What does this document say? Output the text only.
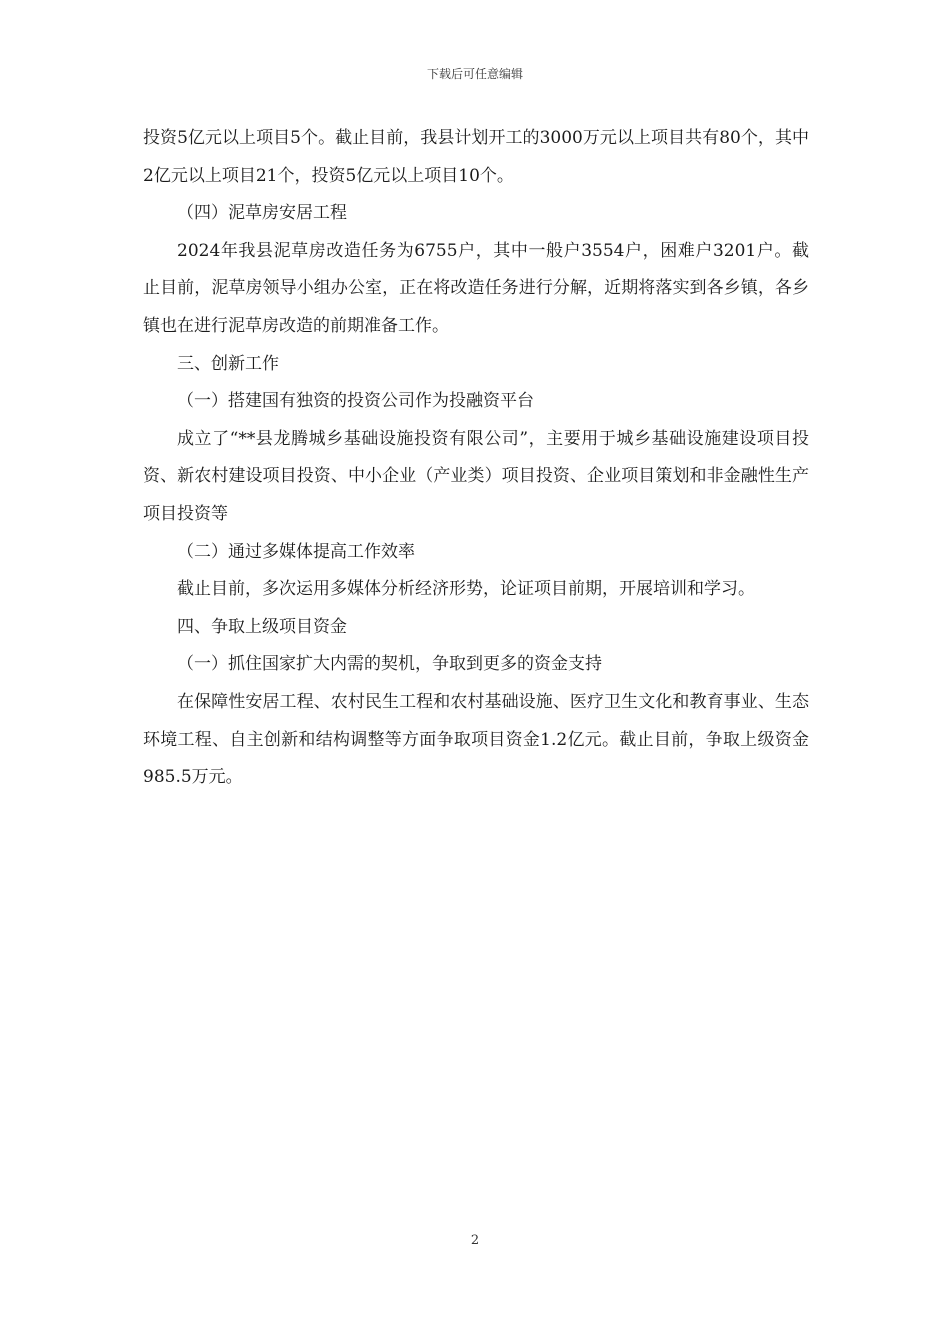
下载后可任意编辑

投资5亿元以上项目5个。截止目前，我县计划开工的3000万元以上项目共有80个，其中2亿元以上项目21个，投资5亿元以上项目10个。

（四）泥草房安居工程

2024年我县泥草房改造任务为6755户，其中一般户3554户，困难户3201户。截止目前，泥草房领导小组办公室，正在将改造任务进行分解，近期将落实到各乡镇，各乡镇也在进行泥草房改造的前期准备工作。

三、创新工作

（一）搭建国有独资的投资公司作为投融资平台

成立了“**县龙腾城乡基础设施投资有限公司”，主要用于城乡基础设施建设项目投资、新农村建设项目投资、中小企业（产业类）项目投资、企业项目策划和非金融性生产项目投资等

（二）通过多媒体提高工作效率

截止目前，多次运用多媒体分析经济形势，论证项目前期，开展培训和学习。

四、争取上级项目资金

（一）抓住国家扩大内需的契机，争取到更多的资金支持

在保障性安居工程、农村民生工程和农村基础设施、医疗卫生文化和教育事业、生态环境工程、自主创新和结构调整等方面争取项目资金1.2亿元。截止目前，争取上级资金985.5万元。

2
